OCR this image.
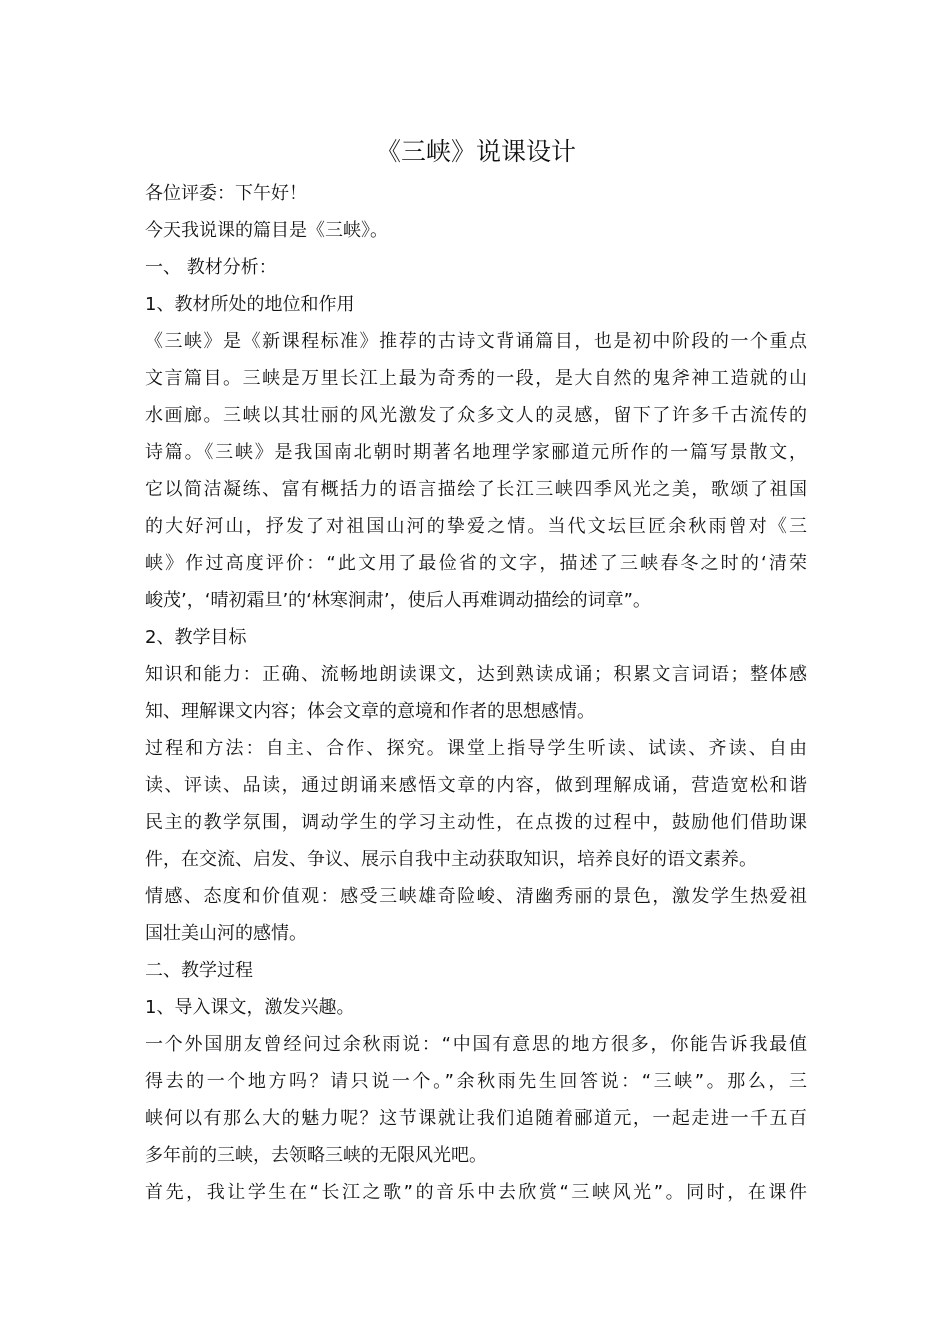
《三峡》说课设计

各位评委：下午好！

今天我说课的篇目是《三峡》。

一、 教材分析：

1、教材所处的地位和作用

《三峡》是《新课程标准》推荐的古诗文背诵篇目，也是初中阶段的一个重点

文言篇目。三峡是万里长江上最为奇秀的一段，是大自然的鬼斧神工造就的山

水画廊。三峡以其壮丽的风光激发了众多文人的灵感，留下了许多千古流传的

诗篇。《三峡》是我国南北朝时期著名地理学家郦道元所作的一篇写景散文，

它以简洁凝练、富有概括力的语言描绘了长江三峡四季风光之美，歌颂了祖国

的大好河山，抒发了对祖国山河的挚爱之情。当代文坛巨匠余秋雨曾对《三

峡》作过高度评价：“此文用了最俭省的文字，描述了三峡春冬之时的‘清荣

峻茂’，‘晴初霜旦’的‘林寒涧肃’，使后人再难调动描绘的词章”。

2、教学目标

知识和能力：正确、流畅地朗读课文，达到熟读成诵；积累文言词语；整体感

知、理解课文内容；体会文章的意境和作者的思想感情。

过程和方法：自主、合作、探究。课堂上指导学生听读、试读、齐读、自由

读、评读、品读，通过朗诵来感悟文章的内容，做到理解成诵，营造宽松和谐

民主的教学氛围，调动学生的学习主动性，在点拨的过程中，鼓励他们借助课

件，在交流、启发、争议、展示自我中主动获取知识，培养良好的语文素养。

情感、态度和价值观：感受三峡雄奇险峻、清幽秀丽的景色，激发学生热爱祖

国壮美山河的感情。

二、教学过程

1、导入课文，激发兴趣。

一个外国朋友曾经问过余秋雨说：“中国有意思的地方很多，你能告诉我最值

得去的一个地方吗？请只说一个。”余秋雨先生回答说：“三峡”。那么，三

峡何以有那么大的魅力呢？这节课就让我们追随着郦道元，一起走进一千五百

多年前的三峡，去领略三峡的无限风光吧。

首先，我让学生在“长江之歌”的音乐中去欣赏“三峡风光”。同时，在课件
